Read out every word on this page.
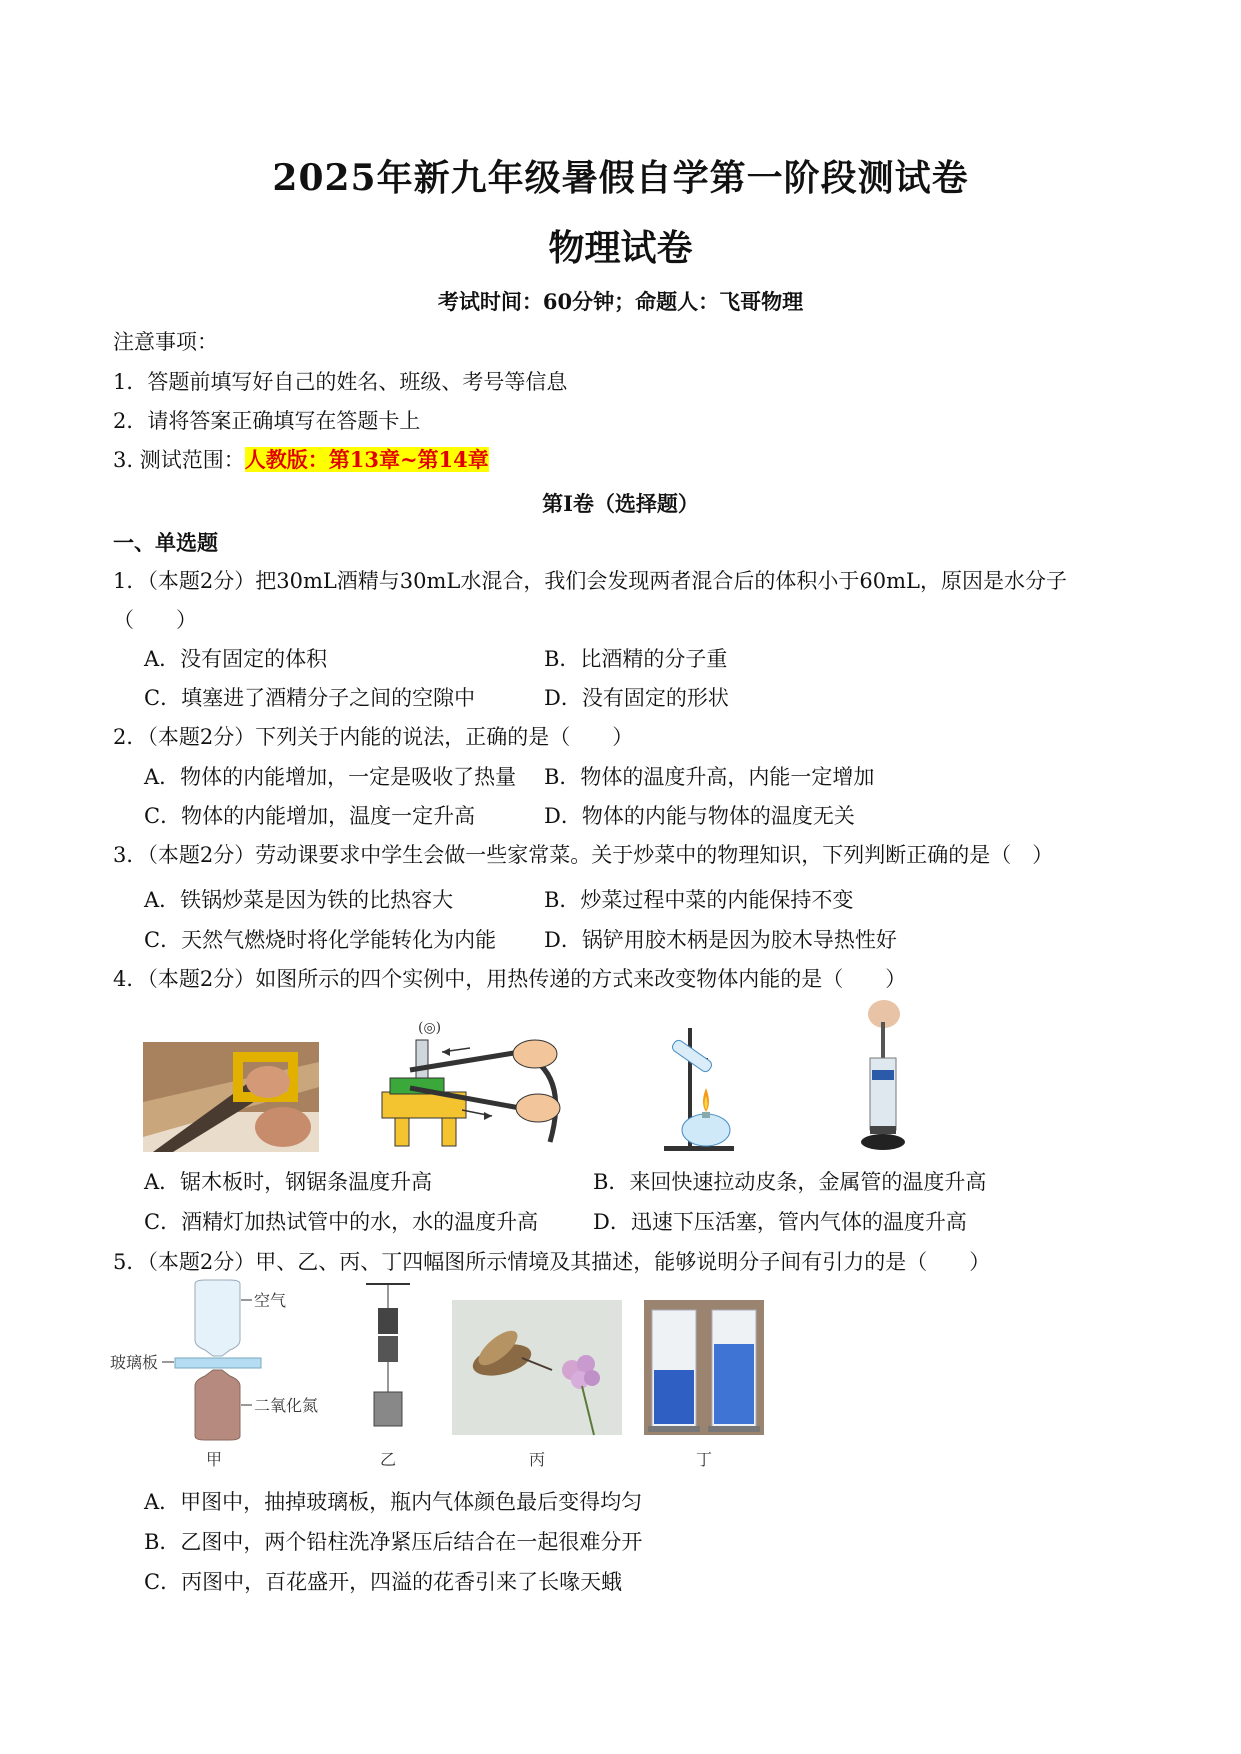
2025年新九年级暑假自学第一阶段测试卷
物理试卷
考试时间：60分钟；命题人：飞哥物理
注意事项：
1．答题前填写好自己的姓名、班级、考号等信息
2．请将答案正确填写在答题卡上
3. 测试范围：人教版：第13章~第14章
第I卷（选择题）
一、单选题
1．（本题2分）把30mL酒精与30mL水混合，我们会发现两者混合后的体积小于60mL，原因是水分子
（　　）
A．没有固定的体积	B．比酒精的分子重
C．填塞进了酒精分子之间的空隙中	D．没有固定的形状
2．（本题2分）下列关于内能的说法，正确的是（　　）
A．物体的内能增加，一定是吸收了热量 B．物体的温度升高，内能一定增加
C．物体的内能增加，温度一定升高	D．物体的内能与物体的温度无关
3．（本题2分）劳动课要求中学生会做一些家常菜。关于炒菜中的物理知识，下列判断正确的是（　）
A．铁锅炒菜是因为铁的比热容大	B．炒菜过程中菜的内能保持不变
C．天然气燃烧时将化学能转化为内能 D．锅铲用胶木柄是因为胶木导热性好
4．（本题2分）如图所示的四个实例中，用热传递的方式来改变物体内能的是（　　）
(◎)
A．锯木板时，钢锯条温度升高	B．来回快速拉动皮条，金属管的温度升高
C．酒精灯加热试管中的水，水的温度升高	D．迅速下压活塞，管内气体的温度升高
5．（本题2分）甲、乙、丙、丁四幅图所示情境及其描述，能够说明分子间有引力的是（　　）
空气
玻璃板
二氧化氮
甲	乙	丙	丁
A．甲图中，抽掉玻璃板，瓶内气体颜色最后变得均匀
B．乙图中，两个铅柱洗净紧压后结合在一起很难分开
C．丙图中，百花盛开，四溢的花香引来了长喙天蛾
